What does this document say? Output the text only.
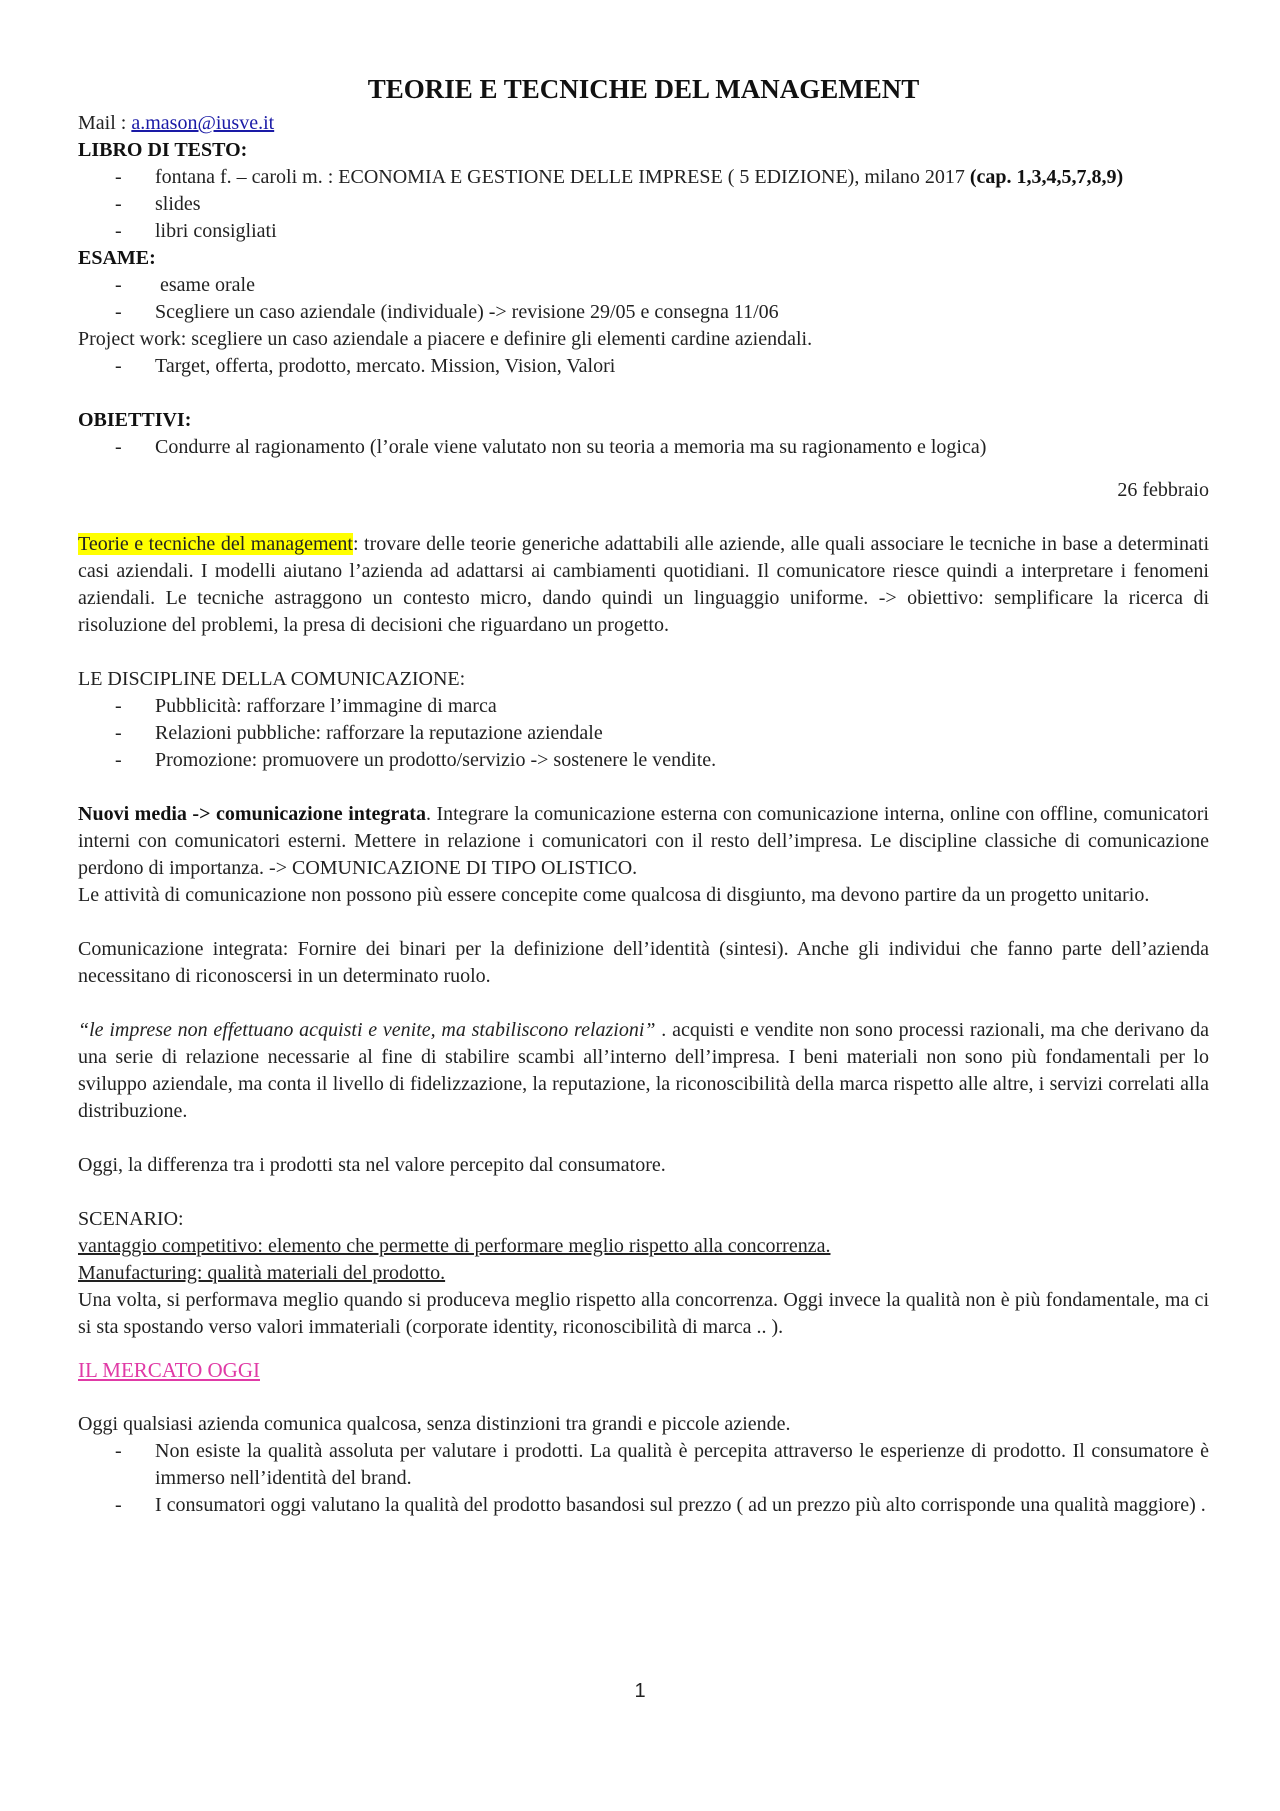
TEORIE E TECNICHE DEL MANAGEMENT

Mail : a.mason@iusve.it

LIBRO DI TESTO:

- fontana f. – caroli m. : ECONOMIA E GESTIONE DELLE IMPRESE ( 5 EDIZIONE), milano 2017 (cap. 1,3,4,5,7,8,9)
- slides
- libri consigliati

ESAME:

-  esame orale
- Scegliere un caso aziendale (individuale) -> revisione 29/05 e consegna 11/06

Project work: scegliere un caso aziendale a piacere e definire gli elementi cardine aziendali.

- Target, offerta, prodotto, mercato. Mission, Vision, Valori

OBIETTIVI:

- Condurre al ragionamento (l’orale viene valutato non su teoria a memoria ma su ragionamento e logica)

26 febbraio

Teorie e tecniche del management: trovare delle teorie generiche adattabili alle aziende, alle quali associare le tecniche in base a determinati casi aziendali. I modelli aiutano l’azienda ad adattarsi ai cambiamenti quotidiani. Il comunicatore riesce quindi a interpretare i fenomeni aziendali. Le tecniche astraggono un contesto micro, dando quindi un linguaggio uniforme. -> obiettivo: semplificare la ricerca di risoluzione del problemi, la presa di decisioni che riguardano un progetto.

LE DISCIPLINE DELLA COMUNICAZIONE:

- Pubblicità: rafforzare l’immagine di marca
- Relazioni pubbliche: rafforzare la reputazione aziendale
- Promozione: promuovere un prodotto/servizio -> sostenere le vendite.

Nuovi media -> comunicazione integrata. Integrare la comunicazione esterna con comunicazione interna, online con offline, comunicatori interni con comunicatori esterni. Mettere in relazione i comunicatori con il resto dell’impresa. Le discipline classiche di comunicazione perdono di importanza. -> COMUNICAZIONE DI TIPO OLISTICO.

Le attività di comunicazione non possono più essere concepite come qualcosa di disgiunto, ma devono partire da un progetto unitario.

Comunicazione integrata: Fornire dei binari per la definizione dell’identità (sintesi). Anche gli individui che fanno parte dell’azienda necessitano di riconoscersi in un determinato ruolo.

“le imprese non effettuano acquisti e venite, ma stabiliscono relazioni” . acquisti e vendite non sono processi razionali, ma che derivano da una serie di relazione necessarie al fine di stabilire scambi all’interno dell’impresa. I beni materiali non sono più fondamentali per lo sviluppo aziendale, ma conta il livello di fidelizzazione, la reputazione, la riconoscibilità della marca rispetto alle altre, i servizi correlati alla distribuzione.

Oggi, la differenza tra i prodotti sta nel valore percepito dal consumatore.

SCENARIO:

vantaggio competitivo: elemento che permette di performare meglio rispetto alla concorrenza.

Manufacturing: qualità materiali del prodotto.

Una volta, si performava meglio quando si produceva meglio rispetto alla concorrenza. Oggi invece la qualità non è più fondamentale, ma ci si sta spostando verso valori immateriali (corporate identity, riconoscibilità di marca .. ).

IL MERCATO OGGI

Oggi qualsiasi azienda comunica qualcosa, senza distinzioni tra grandi e piccole aziende.

- Non esiste la qualità assoluta per valutare i prodotti. La qualità è percepita attraverso le esperienze di prodotto. Il consumatore è immerso nell’identità del brand.
- I consumatori oggi valutano la qualità del prodotto basandosi sul prezzo ( ad un prezzo più alto corrisponde una qualità maggiore) .
1
